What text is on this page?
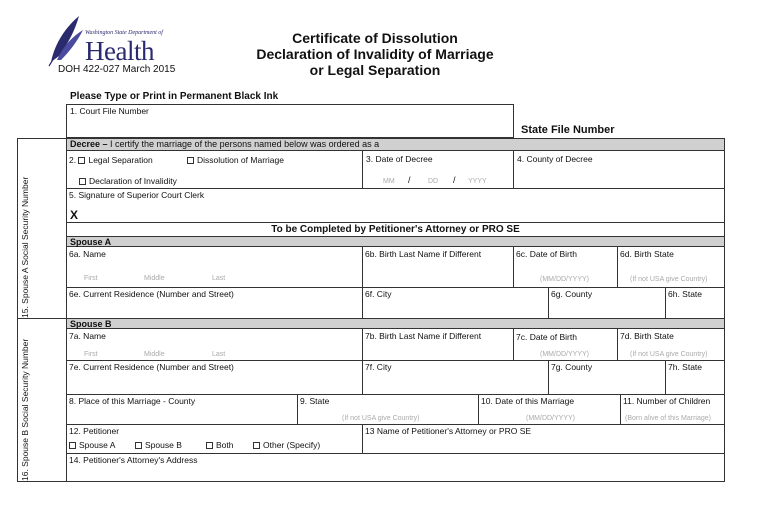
Washington State Department of
Health
DOH 422-027 March 2015
Certificate of Dissolution
Declaration of Invalidity of Marriage
or Legal Separation
Please Type or Print in Permanent Black Ink
1. Court File Number
State File Number
15. Spouse A Social Security Number
16. Spouse B Social Security Number
Decree – I certify the marriage of the persons named below was ordered as a
2. Legal Separation	Dissolution of Marriage
Declaration of Invalidity
3. Date of Decree
MM / DD / YYYY
4. County of Decree
5. Signature of Superior Court Clerk
X
To be Completed by Petitioner's Attorney or PRO SE
Spouse A
6a. Name
First	Middle	Last
6b. Birth Last Name if Different	6c. Date of Birth
(MM/DD/YYYY)
6d. Birth State
(If not USA give Country)
6e. Current Residence (Number and Street)	6f. City	6g. County	6h. State
Spouse B
7a. Name
First	Middle	Last
7b. Birth Last Name if Different	7c. Date of Birth
(MM/DD/YYYY)
7d. Birth State
(If not USA give Country)
7e. Current Residence (Number and Street)	7f. City	7g. County	7h. State
8. Place of this Marriage - County	9. State
(If not USA give Country)
10. Date of this Marriage
(MM/DD/YYYY)
11. Number of Children
(Born alive of this Marriage)
12. Petitioner
Spouse A	Spouse B	Both	Other (Specify)
13 Name of Petitioner's Attorney or PRO SE
14. Petitioner's Attorney's Address
